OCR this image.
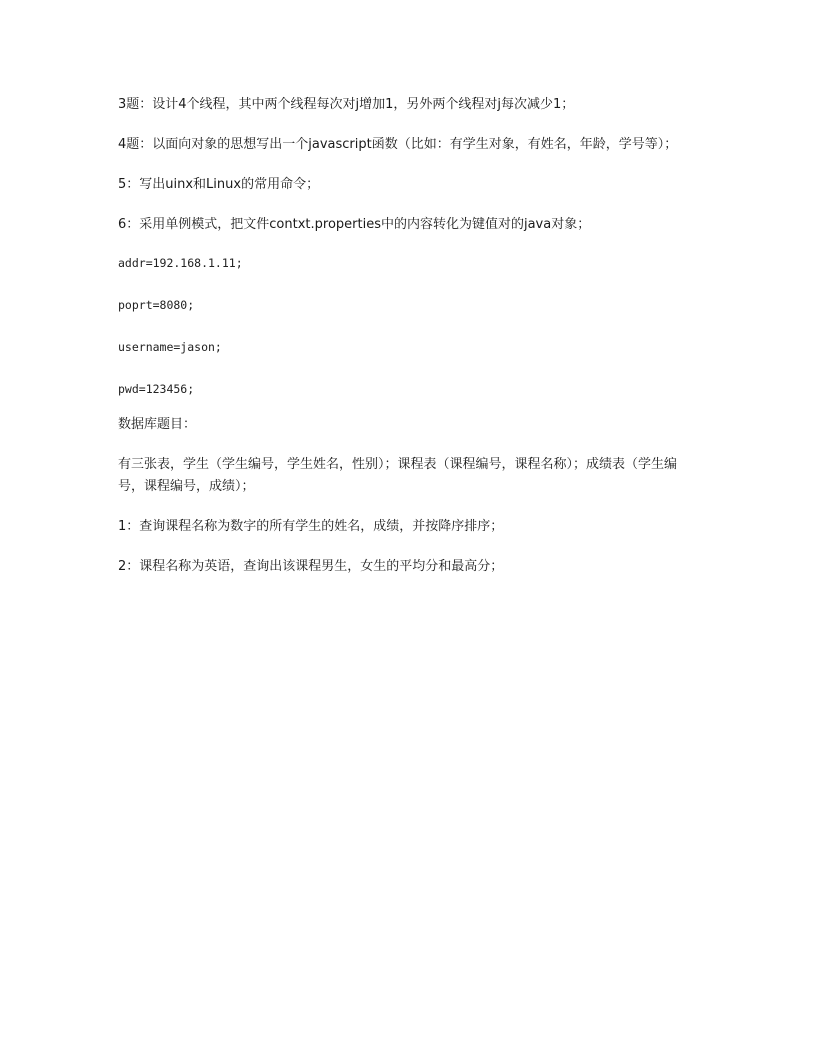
3题：设计4个线程，其中两个线程每次对j增加1，另外两个线程对j每次减少1；

4题：以面向对象的思想写出一个javascript函数（比如：有学生对象，有姓名，年龄，学号等）；

5：写出uinx和Linux的常用命令；

6：采用单例模式，把文件contxt.properties中的内容转化为键值对的java对象；

addr=192.168.1.11;

poprt=8080;

username=jason;

pwd=123456;

数据库题目：

有三张表，学生（学生编号，学生姓名，性别）；课程表（课程编号，课程名称）；成绩表（学生编号，课程编号，成绩）；

1：查询课程名称为数字的所有学生的姓名，成绩，并按降序排序；

2：课程名称为英语，查询出该课程男生，女生的平均分和最高分；
